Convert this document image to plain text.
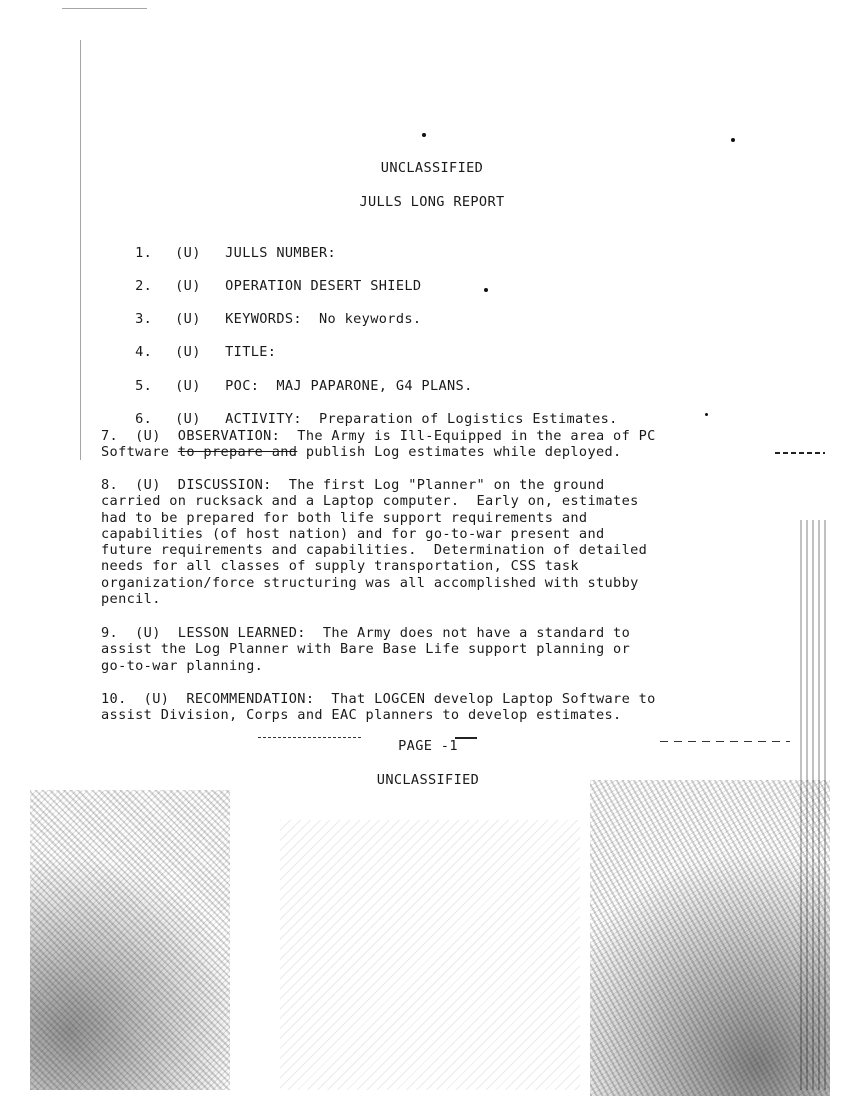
UNCLASSIFIED
JULLS LONG REPORT

1. (U) JULLS NUMBER:

2. (U) OPERATION DESERT SHIELD

3. (U) KEYWORDS:  No keywords.

4. (U) TITLE:

5. (U) POC:  MAJ PAPARONE, G4 PLANS.

6. (U) ACTIVITY:  Preparation of Logistics Estimates.

7.  (U)  OBSERVATION:  The Army is Ill-Equipped in the area of PC
Software to prepare and publish Log estimates while deployed.
8.  (U)  DISCUSSION:  The first Log "Planner" on the ground
carried on rucksack and a Laptop computer.  Early on, estimates
had to be prepared for both life support requirements and
capabilities (of host nation) and for go-to-war present and
future requirements and capabilities.  Determination of detailed
needs for all classes of supply transportation, CSS task
organization/force structuring was all accomplished with stubby
pencil.
9.  (U)  LESSON LEARNED:  The Army does not have a standard to
assist the Log Planner with Bare Base Life support planning or
go-to-war planning.
10.  (U)  RECOMMENDATION:  That LOGCEN develop Laptop Software to
assist Division, Corps and EAC planners to develop estimates.
PAGE -1
UNCLASSIFIED
